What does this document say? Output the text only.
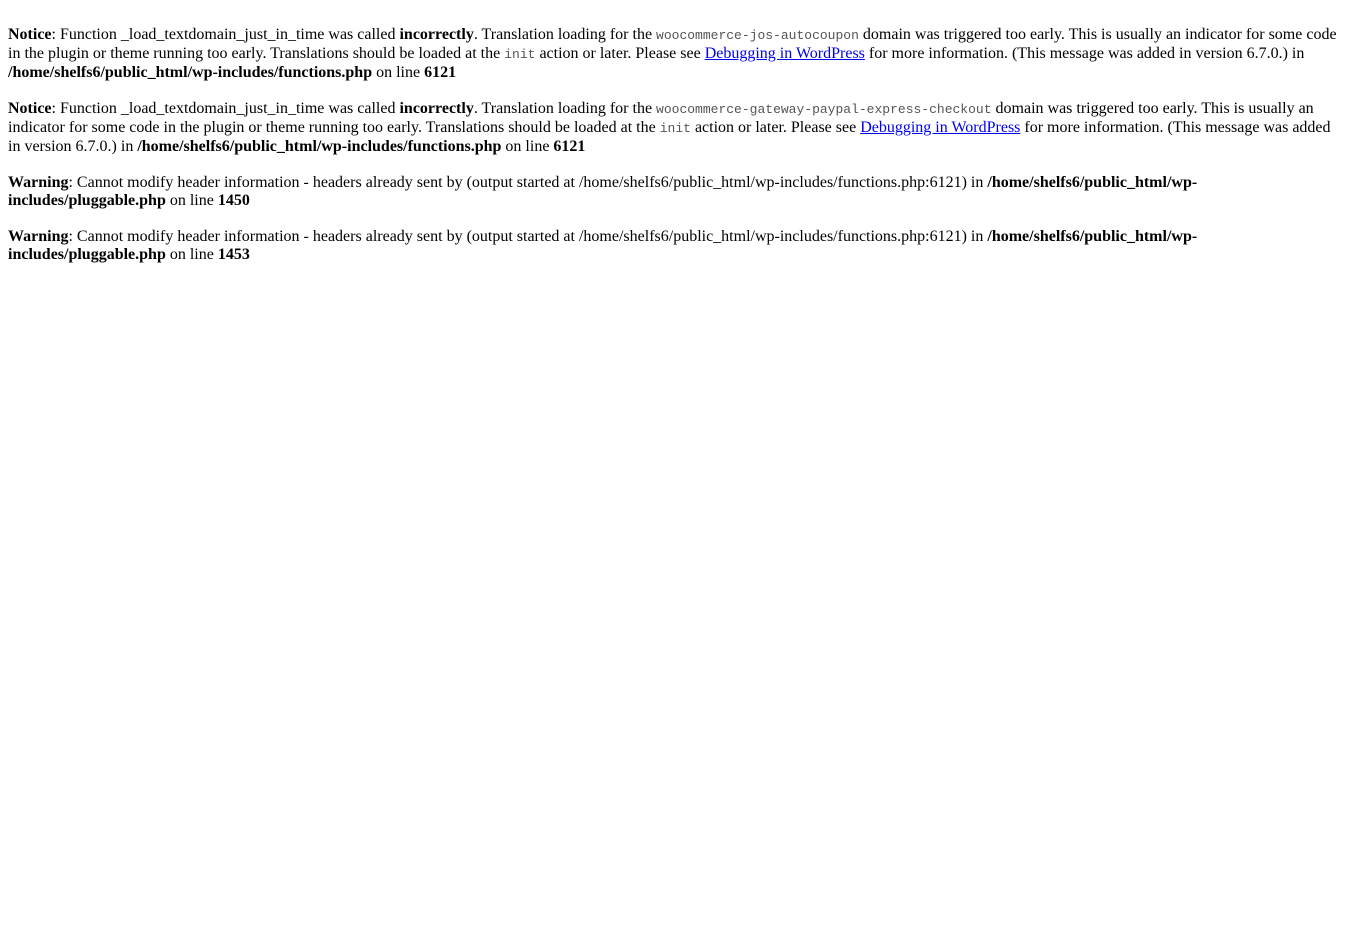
Notice: Function _load_textdomain_just_in_time was called incorrectly. Translation loading for the woocommerce-jos-autocoupon domain was triggered too early. This is usually an indicator for some code in the plugin or theme running too early. Translations should be loaded at the init action or later. Please see Debugging in WordPress for more information. (This message was added in version 6.7.0.) in /home/shelfs6/public_html/wp-includes/functions.php on line 6121
Notice: Function _load_textdomain_just_in_time was called incorrectly. Translation loading for the woocommerce-gateway-paypal-express-checkout domain was triggered too early. This is usually an indicator for some code in the plugin or theme running too early. Translations should be loaded at the init action or later. Please see Debugging in WordPress for more information. (This message was added in version 6.7.0.) in /home/shelfs6/public_html/wp-includes/functions.php on line 6121
Warning: Cannot modify header information - headers already sent by (output started at /home/shelfs6/public_html/wp-includes/functions.php:6121) in /home/shelfs6/public_html/wp-includes/pluggable.php on line 1450
Warning: Cannot modify header information - headers already sent by (output started at /home/shelfs6/public_html/wp-includes/functions.php:6121) in /home/shelfs6/public_html/wp-includes/pluggable.php on line 1453
